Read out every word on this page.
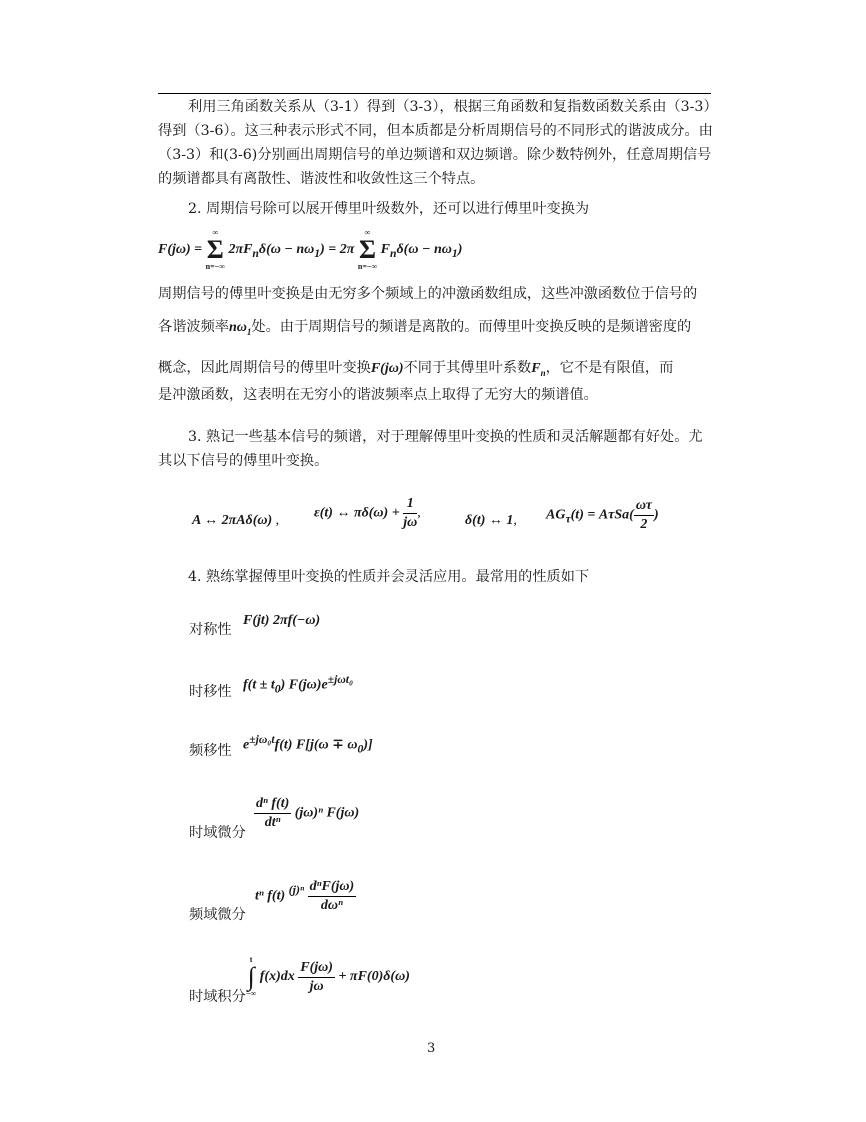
利用三角函数关系从（3-1）得到（3-3），根据三角函数和复指数函数关系由（3-3）得到（3-6）。这三种表示形式不同，但本质都是分析周期信号的不同形式的谐波成分。由（3-3）和(3-6)分别画出周期信号的单边频谱和双边频谱。除少数特例外，任意周期信号的频谱都具有离散性、谐波性和收敛性这三个特点。

2. 周期信号除可以展开傅里叶级数外，还可以进行傅里叶变换为

F(jω) =
∞
Σ
n=−∞
$2\pi F_n\delta(\omega - n\omega_1) = 2\pi$
∞
Σ
n=−∞
$F_n\delta(\omega - n\omega_1)$

周期信号的傅里叶变换是由无穷多个频域上的冲激函数组成，这些冲激函数位于信号的

各谐波频率$n\omega_1$处。由于周期信号的频谱是离散的。而傅里叶变换反映的是频谱密度的

概念，因此周期信号的傅里叶变换F(jω)不同于其傅里叶系数$F_n$，它不是有限值，而

是冲激函数，这表明在无穷小的谐波频率点上取得了无穷大的频谱值。

3. 熟记一些基本信号的频谱，对于理解傅里叶变换的性质和灵活解题都有好处。尤其以下信号的傅里叶变换。

A ↔ 2πAδ(ω) , ε(t) ↔ $\pi\delta(\omega) + \frac{1}{j\omega}$ ,	δ(t) ↔ 1, $AG_\tau(t) = A\tau Sa( \frac{\omega\tau}{2}$ )

4. 熟练掌握傅里叶变换的性质并会灵活应用。最常用的性质如下

对称性
F(jt) 2πf(−ω)
时移性 $f(t \pm t_0)$ $F(j\omega)e^{\pm j\omega t_0}$
频移性 $e^{\pm j\omega_0t}f(t) F[j(\omega \mp \omega_0)]$
时域微分
$\frac{\text{dⁿ f(t)}}{\text{dtⁿ}} (j\omega)^n$ F(jω)
频域微分
tⁿ f(t) $(j)^n \frac{\text{dⁿF(jω)}}{\text{dωⁿ}}$
时域积分
t
∫
−∞
$f(x)dx \frac{F(j\omega)}{j\omega} + \pi F(0)\delta(\omega)$
3
